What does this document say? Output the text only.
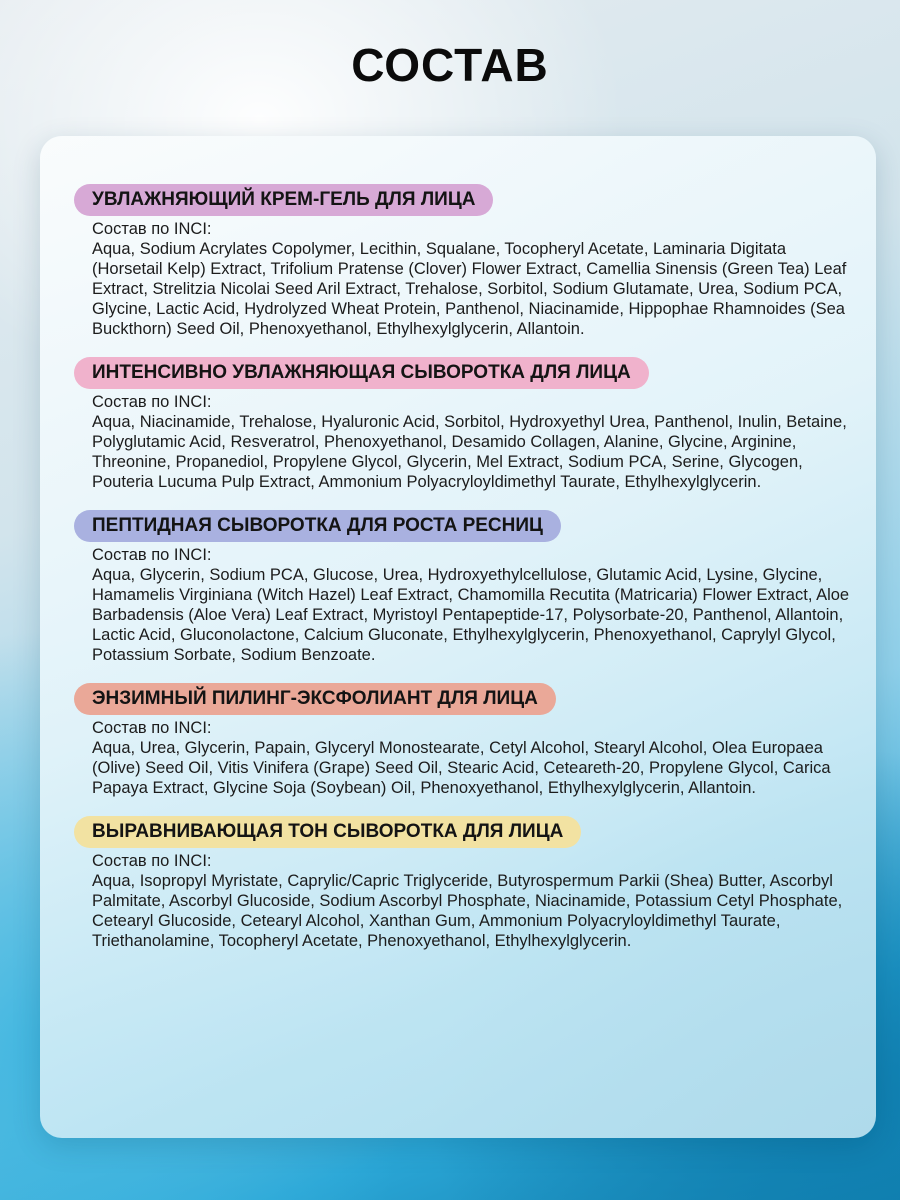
СОСТАВ
УВЛАЖНЯЮЩИЙ КРЕМ-ГЕЛЬ ДЛЯ ЛИЦА
Состав по INCI:
Aqua, Sodium Acrylates Copolymer, Lecithin, Squalane, Tocopheryl Acetate, Laminaria Digitata (Horsetail Kelp) Extract, Trifolium Pratense (Clover) Flower Extract, Camellia Sinensis (Green Tea) Leaf Extract, Strelitzia Nicolai Seed Aril Extract, Trehalose, Sorbitol, Sodium Glutamate, Urea, Sodium PCA, Glycine, Lactic Acid, Hydrolyzed Wheat Protein, Panthenol, Niacinamide, Hippophae Rhamnoides (Sea Buckthorn) Seed Oil, Phenoxyethanol, Ethylhexylglycerin, Allantoin.
ИНТЕНСИВНО УВЛАЖНЯЮЩАЯ СЫВОРОТКА ДЛЯ ЛИЦА
Состав по INCI:
Aqua, Niacinamide, Trehalose, Hyaluronic Acid, Sorbitol, Hydroxyethyl Urea, Panthenol, Inulin, Betaine, Polyglutamic Acid, Resveratrol, Phenoxyethanol, Desamido Collagen, Alanine, Glycine, Arginine, Threonine, Propanediol, Propylene Glycol, Glycerin, Mel Extract, Sodium PCA, Serine, Glycogen, Pouteria Lucuma Pulp Extract, Ammonium Polyacryloyldimethyl Taurate, Ethylhexylglycerin.
ПЕПТИДНАЯ СЫВОРОТКА ДЛЯ РОСТА РЕСНИЦ
Состав по INCI:
Aqua, Glycerin, Sodium PCA, Glucose, Urea, Hydroxyethylcellulose, Glutamic Acid, Lysine, Glycine, Hamamelis Virginiana (Witch Hazel) Leaf Extract, Chamomilla Recutita (Matricaria) Flower Extract, Aloe Barbadensis (Aloe Vera) Leaf Extract, Myristoyl Pentapeptide-17, Polysorbate-20, Panthenol, Allantoin, Lactic Acid, Gluconolactone, Calcium Gluconate, Ethylhexylglycerin, Phenoxyethanol, Caprylyl Glycol, Potassium Sorbate, Sodium Benzoate.
ЭНЗИМНЫЙ ПИЛИНГ-ЭКСФОЛИАНТ ДЛЯ ЛИЦА
Состав по INCI:
Aqua, Urea, Glycerin, Papain, Glyceryl Monostearate, Cetyl Alcohol, Stearyl Alcohol, Olea Europaea (Olive) Seed Oil, Vitis Vinifera (Grape) Seed Oil, Stearic Acid, Ceteareth-20, Propylene Glycol, Carica Papaya Extract, Glycine Soja (Soybean) Oil, Phenoxyethanol, Ethylhexylglycerin, Allantoin.
ВЫРАВНИВАЮЩАЯ ТОН СЫВОРОТКА ДЛЯ ЛИЦА
Состав по INCI:
Aqua, Isopropyl Myristate, Caprylic/Capric Triglyceride, Butyrospermum Parkii (Shea) Butter, Ascorbyl Palmitate, Ascorbyl Glucoside, Sodium Ascorbyl Phosphate, Niacinamide, Potassium Cetyl Phosphate, Cetearyl Glucoside, Cetearyl Alcohol, Xanthan Gum, Ammonium Polyacryloyldimethyl Taurate, Triethanolamine, Tocopheryl Acetate, Phenoxyethanol, Ethylhexylglycerin.
